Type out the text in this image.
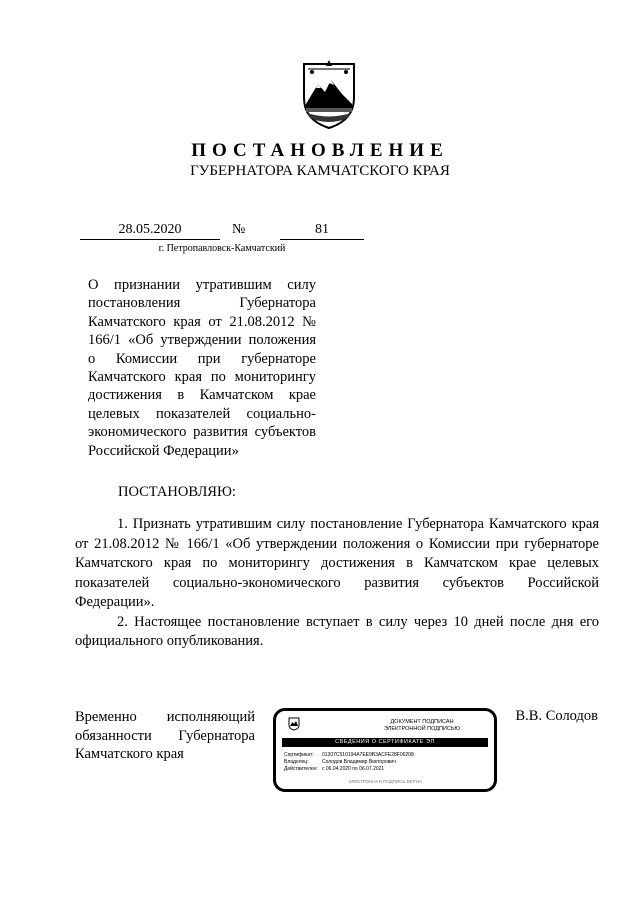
ПОСТАНОВЛЕНИЕ
ГУБЕРНАТОРА КАМЧАТСКОГО КРАЯ
28.05.2020	№	81
г. Петропавловск-Камчатский
О признании утратившим силу постановления Губернатора Камчатского края от 21.08.2012 № 166/1 «Об утверждении положения о Комиссии при губернаторе Камчатского края по мониторингу достижения в Камчатском крае целевых показателей социально-экономического развития субъектов Российской Федерации»
ПОСТАНОВЛЯЮ:

1. Признать утратившим силу постановление Губернатора Камчатского края от 21.08.2012 № 166/1 «Об утверждении положения о Комиссии при губернаторе Камчатского края по мониторингу достижения в Камчатском крае целевых показателей социально-экономического развития субъектов Российской Федерации».

2. Настоящее постановление вступает в силу через 10 дней после дня его официального опубликования.

Временно исполняющий обязанности Губернатора Камчатского края
ДОКУМЕНТ ПОДПИСАН
ЭЛЕКТРОННОЙ ПОДПИСЬЮ
СВЕДЕНИЯ О СЕРТИФИКАТЕ ЭП
Сертификат:	01307C510194A7EE9B3ACFE28F06208
Владелец:	Солодов Владимир Викторович
Действителен: с 06.04.2020 по 06.07.2021
ЭЛЕКТРОННАЯ ПОДПИСЬ ВЕРНА
В.В. Солодов
